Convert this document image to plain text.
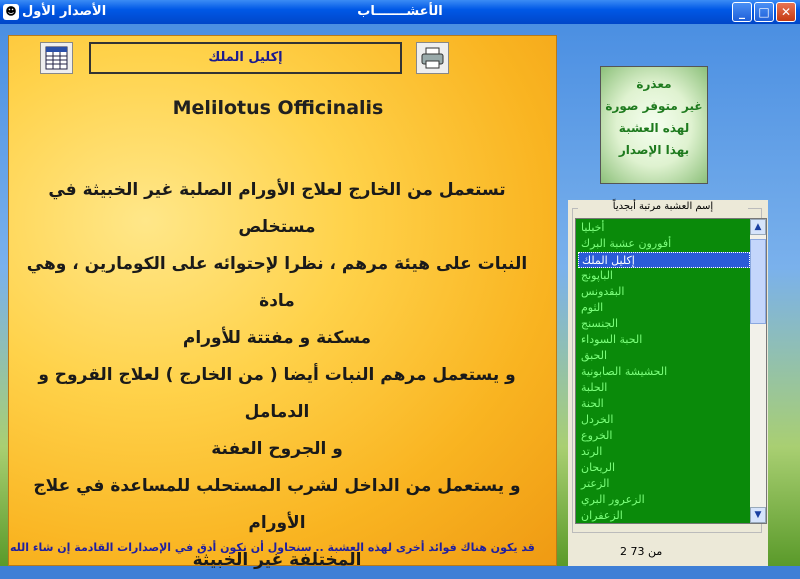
☻ الأصدار الأول	الأعشـــــــاب	_	□ ✕
إكليل الملك
Melilotus Officinalis
تستعمل من الخارج لعلاج الأورام الصلبة غير الخبيثة في مستخلص
النبات على هيئة مرهم ، نظرا لإحتوائه على الكومارين ، وهي مادة
مسكنة و مفتتة للأورام
و يستعمل مرهم النبات أيضا ( من الخارج ) لعلاج القروح و الدمامل
و الجروح العفنة
و يستعمل من الداخل لشرب المستحلب للمساعدة في علاج الأورام
المختلفة غير الخبيثة
قد يكون هناك فوائد أخرى لهذه العشبة .. سنحاول أن نكون أدق في الإصدارات القادمة إن شاء الله
معذرة
غير متوفر صورة
لهذه العشبة
بهذا الإصدار
إسم العشبة مرتبة أبجدياً
2 من 73
أخيليا
أفورون عشبة البرك
إكليل الملك
الباپونج
البقدونس
الثوم
الجنسنج
الحبة السوداء
الحبق
الحشيشة الصابونية
الحلبة
الحنة
الخردل
الخروع
الرتد
الريحان
الزعتر
الزعرور البري
الزعفران
▲
▼
